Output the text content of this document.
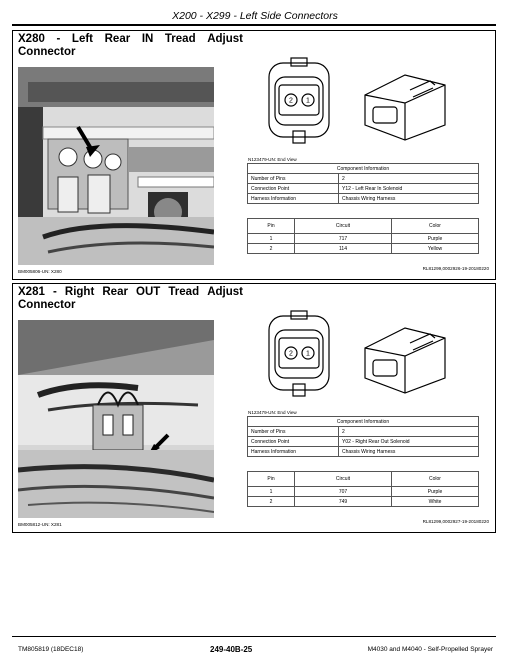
X200 - X299 - Left Side Connectors
X280 - Left Rear IN Tread Adjust
Connector
BM005806-UN: X280
2 1
N123479-UN: End View
Component Information	
Number of Pins	2
Connection Point	Y12 - Left Rear In Solenoid
Harness Information	Chassis Wiring Harness
Pin	Circuit	Color
1	717	Purple
2	114	Yellow
RL81299,0002926-19-20180220
X281 - Right Rear OUT Tread Adjust
Connector
BM005812-UN: X281
2 1
N123479-UN: End View
Component Information	
Number of Pins	2
Connection Point	Y02 - Right Rear Out Solenoid
Harness Information	Chassis Wiring Harness
Pin	Circuit	Color
1	707	Purple
2	749	White
RL81299,0002927-19-20180220
TM805819 (18DEC18)	249-40B-25	M4030 and M4040 - Self-Propelled Sprayer
